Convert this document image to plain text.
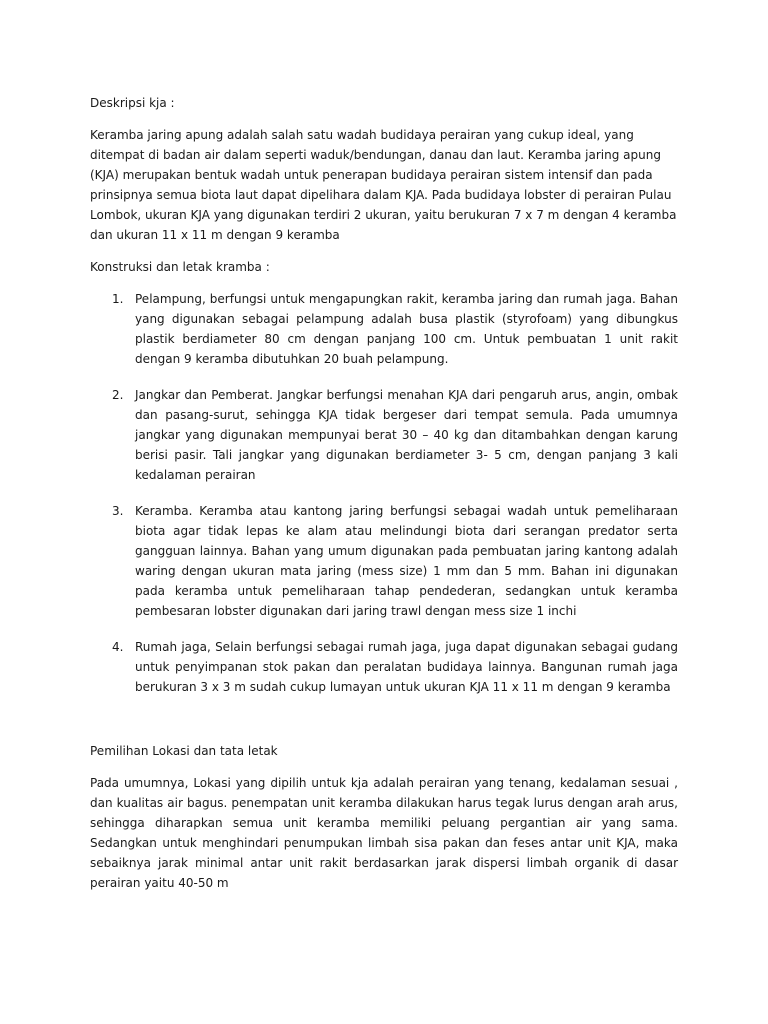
Deskripsi kja :

Keramba jaring apung adalah salah satu wadah budidaya perairan yang cukup ideal, yang ditempat di badan air dalam seperti waduk/bendungan, danau dan laut. Keramba jaring apung (KJA) merupakan bentuk wadah untuk penerapan budidaya perairan sistem intensif dan pada prinsipnya semua biota laut dapat dipelihara dalam KJA. Pada budidaya lobster di perairan Pulau Lombok, ukuran KJA yang digunakan terdiri 2 ukuran, yaitu berukuran 7 x 7 m dengan 4 keramba dan ukuran 11 x 11 m dengan 9 keramba

Konstruksi dan letak kramba :

1. Pelampung, berfungsi untuk mengapungkan rakit, keramba jaring dan rumah jaga. Bahan yang digunakan sebagai pelampung adalah busa plastik (styrofoam) yang dibungkus plastik berdiameter 80 cm dengan panjang 100 cm. Untuk pembuatan 1 unit rakit dengan 9 keramba dibutuhkan 20 buah pelampung.
2. Jangkar dan Pemberat. Jangkar berfungsi menahan KJA dari pengaruh arus, angin, ombak dan pasang-surut, sehingga KJA tidak bergeser dari tempat semula. Pada umumnya jangkar yang digunakan mempunyai berat 30 – 40 kg dan ditambahkan dengan karung berisi pasir. Tali jangkar yang digunakan berdiameter 3- 5 cm, dengan panjang 3 kali kedalaman perairan
3. Keramba. Keramba atau kantong jaring berfungsi sebagai wadah untuk pemeliharaan biota agar tidak lepas ke alam atau melindungi biota dari serangan predator serta gangguan lainnya. Bahan yang umum digunakan pada pembuatan jaring kantong adalah waring dengan ukuran mata jaring (mess size) 1 mm dan 5 mm. Bahan ini digunakan pada keramba untuk pemeliharaan tahap pendederan, sedangkan untuk keramba pembesaran lobster digunakan dari jaring trawl dengan mess size 1 inchi
4. Rumah jaga, Selain berfungsi sebagai rumah jaga, juga dapat digunakan sebagai gudang untuk penyimpanan stok pakan dan peralatan budidaya lainnya. Bangunan rumah jaga berukuran 3 x 3 m sudah cukup lumayan untuk ukuran KJA 11 x 11 m dengan 9 keramba

Pemilihan Lokasi dan tata letak

Pada umumnya, Lokasi yang dipilih untuk kja adalah perairan yang tenang, kedalaman sesuai , dan kualitas air bagus. penempatan unit keramba dilakukan harus tegak lurus dengan arah arus, sehingga diharapkan semua unit keramba memiliki peluang pergantian air yang sama. Sedangkan untuk menghindari penumpukan limbah sisa pakan dan feses antar unit KJA, maka sebaiknya jarak minimal antar unit rakit berdasarkan jarak dispersi limbah organik di dasar perairan yaitu 40-50 m
